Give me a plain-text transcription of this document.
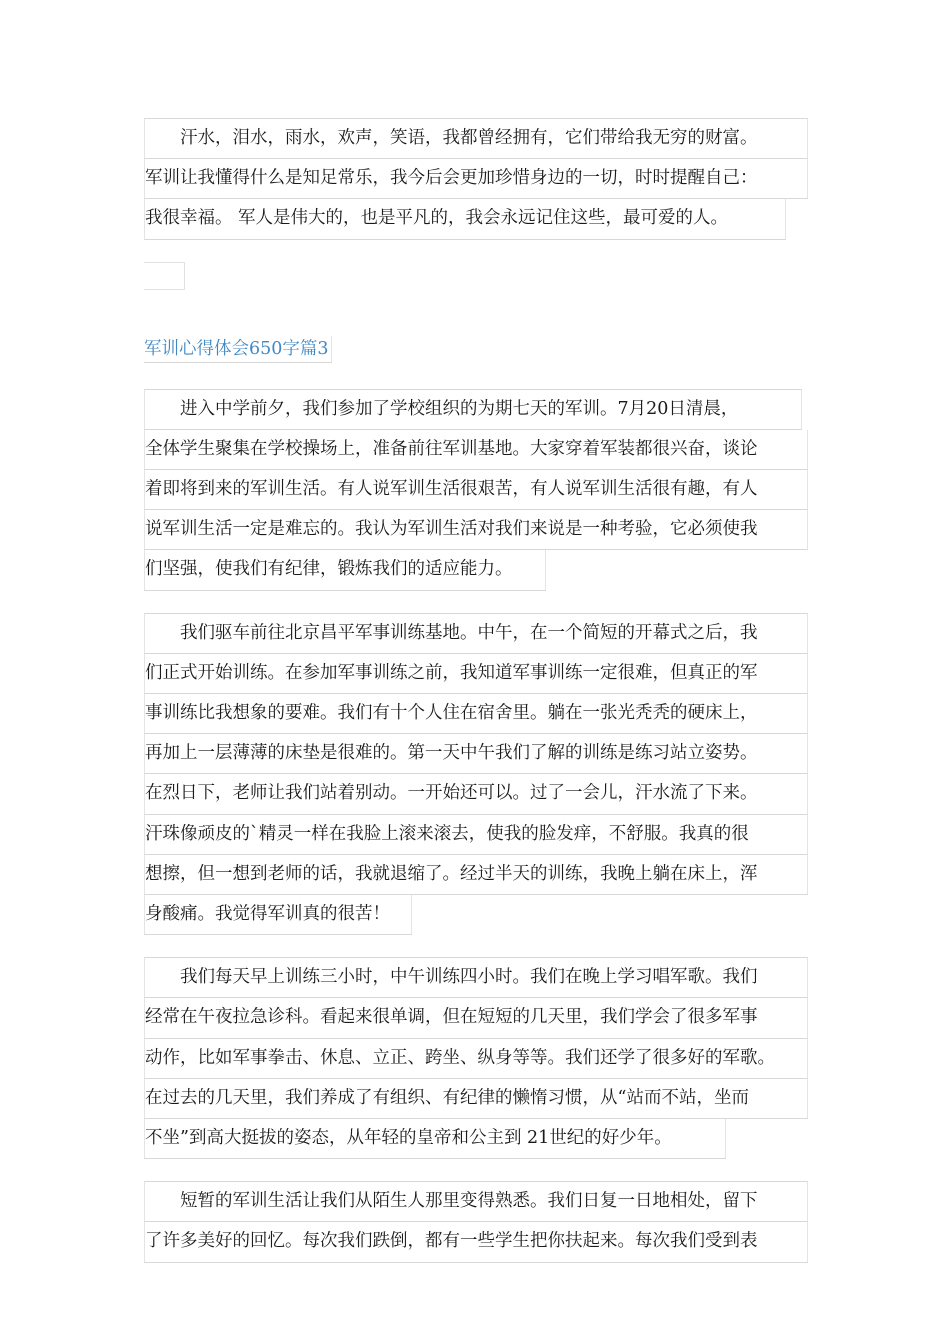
汗水，泪水，雨水，欢声，笑语，我都曾经拥有，它们带给我无穷的财富。
军训让我懂得什么是知足常乐，我今后会更加珍惜身边的一切，时时提醒自己：
我很幸福。 军人是伟大的，也是平凡的，我会永远记住这些，最可爱的人。
军训心得体会650字篇3
进入中学前夕，我们参加了学校组织的为期七天的军训。7月20日清晨，
全体学生聚集在学校操场上，准备前往军训基地。大家穿着军装都很兴奋，谈论
着即将到来的军训生活。有人说军训生活很艰苦，有人说军训生活很有趣，有人
说军训生活一定是难忘的。我认为军训生活对我们来说是一种考验，它必须使我
们坚强，使我们有纪律，锻炼我们的适应能力。
我们驱车前往北京昌平军事训练基地。中午，在一个简短的开幕式之后，我
们正式开始训练。在参加军事训练之前，我知道军事训练一定很难，但真正的军
事训练比我想象的要难。我们有十个人住在宿舍里。躺在一张光秃秃的硬床上，
再加上一层薄薄的床垫是很难的。第一天中午我们了解的训练是练习站立姿势。
在烈日下，老师让我们站着别动。一开始还可以。过了一会儿，汗水流了下来。
汗珠像顽皮的`精灵一样在我脸上滚来滚去，使我的脸发痒，不舒服。我真的很
想擦，但一想到老师的话，我就退缩了。经过半天的训练，我晚上躺在床上，浑
身酸痛。我觉得军训真的很苦！
我们每天早上训练三小时，中午训练四小时。我们在晚上学习唱军歌。我们
经常在午夜拉急诊科。看起来很单调，但在短短的几天里，我们学会了很多军事
动作，比如军事拳击、休息、立正、跨坐、纵身等等。我们还学了很多好的军歌。
在过去的几天里，我们养成了有组织、有纪律的懒惰习惯，从“站而不站，坐而
不坐”到高大挺拔的姿态，从年轻的皇帝和公主到 21世纪的好少年。
短暂的军训生活让我们从陌生人那里变得熟悉。我们日复一日地相处，留下
了许多美好的回忆。每次我们跌倒，都有一些学生把你扶起来。每次我们受到表
